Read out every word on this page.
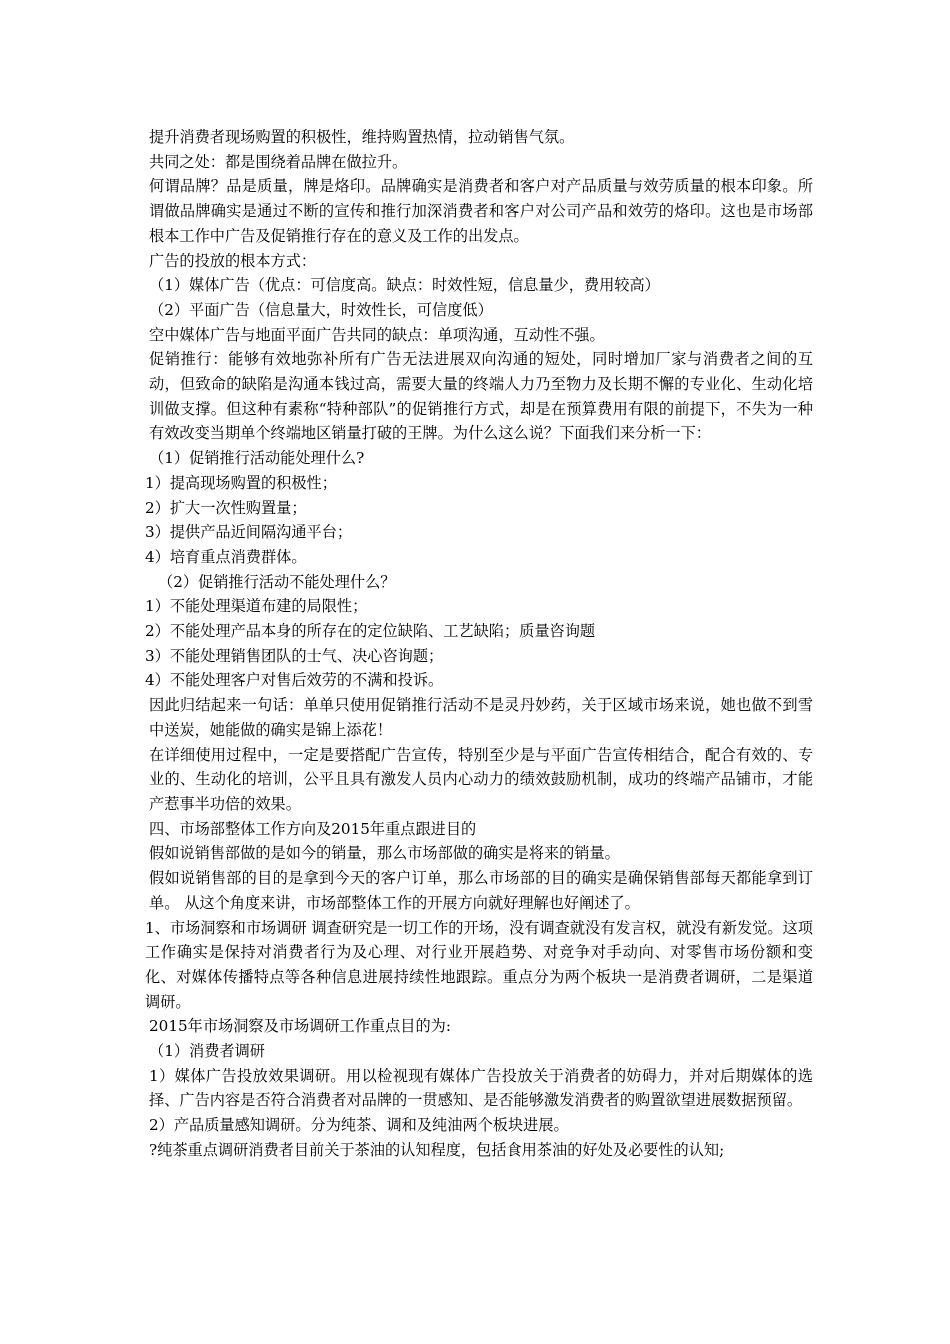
提升消费者现场购置的积极性，维持购置热情，拉动销售气氛。

共同之处：都是围绕着品牌在做拉升。

何谓品牌？品是质量，牌是烙印。品牌确实是消费者和客户对产品质量与效劳质量的根本印象。所谓做品牌确实是通过不断的宣传和推行加深消费者和客户对公司产品和效劳的烙印。这也是市场部根本工作中广告及促销推行存在的意义及工作的出发点。

广告的投放的根本方式：

（1）媒体广告（优点：可信度高。缺点：时效性短，信息量少，费用较高）

（2）平面广告（信息量大，时效性长，可信度低）

空中媒体广告与地面平面广告共同的缺点：单项沟通，互动性不强。

促销推行：能够有效地弥补所有广告无法进展双向沟通的短处，同时增加厂家与消费者之间的互动，但致命的缺陷是沟通本钱过高，需要大量的终端人力乃至物力及长期不懈的专业化、生动化培训做支撑。但这种有素称“特种部队”的促销推行方式，却是在预算费用有限的前提下，不失为一种有效改变当期单个终端地区销量打破的王牌。为什么这么说？下面我们来分析一下：

（1）促销推行活动能处理什么?

1）提高现场购置的积极性；

2）扩大一次性购置量；

3）提供产品近间隔沟通平台；

4）培育重点消费群体。

（2）促销推行活动不能处理什么？

1）不能处理渠道布建的局限性；

2）不能处理产品本身的所存在的定位缺陷、工艺缺陷；质量咨询题

3）不能处理销售团队的士气、决心咨询题；

4）不能处理客户对售后效劳的不满和投诉。

因此归结起来一句话：单单只使用促销推行活动不是灵丹妙药，关于区域市场来说，她也做不到雪中送炭，她能做的确实是锦上添花！

在详细使用过程中，一定是要搭配广告宣传，特别至少是与平面广告宣传相结合，配合有效的、专业的、生动化的培训，公平且具有激发人员内心动力的绩效鼓励机制，成功的终端产品铺市，才能产惹事半功倍的效果。

四、市场部整体工作方向及2015年重点跟进目的

假如说销售部做的是如今的销量，那么市场部做的确实是将来的销量。

假如说销售部的目的是拿到今天的客户订单，那么市场部的目的确实是确保销售部每天都能拿到订单。 从这个角度来讲，市场部整体工作的开展方向就好理解也好阐述了。

1、市场洞察和市场调研 调查研究是一切工作的开场，没有调查就没有发言权，就没有新发觉。这项工作确实是保持对消费者行为及心理、对行业开展趋势、对竞争对手动向、对零售市场份额和变化、对媒体传播特点等各种信息进展持续性地跟踪。重点分为两个板块一是消费者调研，二是渠道调研。

2015年市场洞察及市场调研工作重点目的为:

（1）消费者调研

1）媒体广告投放效果调研。用以检视现有媒体广告投放关于消费者的妨碍力，并对后期媒体的选择、广告内容是否符合消费者对品牌的一贯感知、是否能够激发消费者的购置欲望进展数据预留。

2）产品质量感知调研。分为纯茶、调和及纯油两个板块进展。

?纯茶重点调研消费者目前关于茶油的认知程度，包括食用茶油的好处及必要性的认知;
